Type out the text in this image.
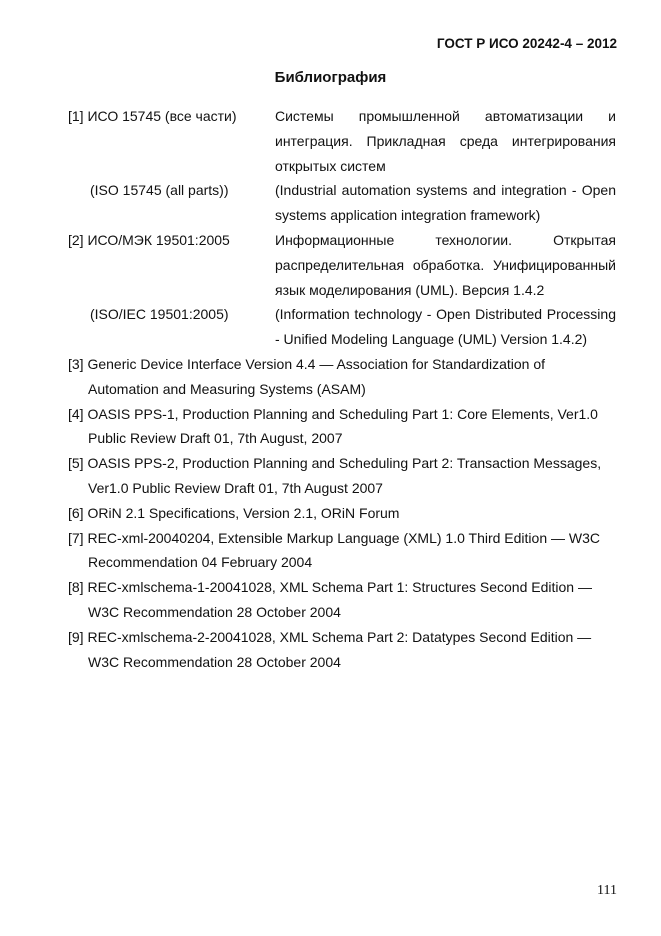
ГОСТ Р ИСО 20242-4 – 2012
Библиография
[1] ИСО 15745 (все части)	Системы промышленной автоматизации и интеграция. Прикладная среда интегрирования открытых систем
(ISO 15745 (all parts))	(Industrial automation systems and integration - Open systems application integration framework)
[2] ИСО/МЭК 19501:2005	Информационные технологии. Открытая распределительная обработка. Унифицированный язык моделирования (UML). Версия 1.4.2
(ISO/IEC 19501:2005)	(Information technology - Open Distributed Processing - Unified Modeling Language (UML) Version 1.4.2)
[3] Generic Device Interface Version 4.4 — Association for Standardization of Automation and Measuring Systems (ASAM)
[4] OASIS PPS-1, Production Planning and Scheduling Part 1: Core Elements, Ver1.0 Public Review Draft 01, 7th August, 2007
[5] OASIS PPS-2, Production Planning and Scheduling Part 2: Transaction Messages, Ver1.0 Public Review Draft 01, 7th August 2007
[6] ORiN 2.1 Specifications, Version 2.1, ORiN Forum
[7] REC-xml-20040204, Extensible Markup Language (XML) 1.0 Third Edition — W3C Recommendation 04 February 2004
[8] REC-xmlschema-1-20041028, XML Schema Part 1: Structures Second Edition — W3C Recommendation 28 October 2004
[9] REC-xmlschema-2-20041028, XML Schema Part 2: Datatypes Second Edition — W3C Recommendation 28 October 2004
111
